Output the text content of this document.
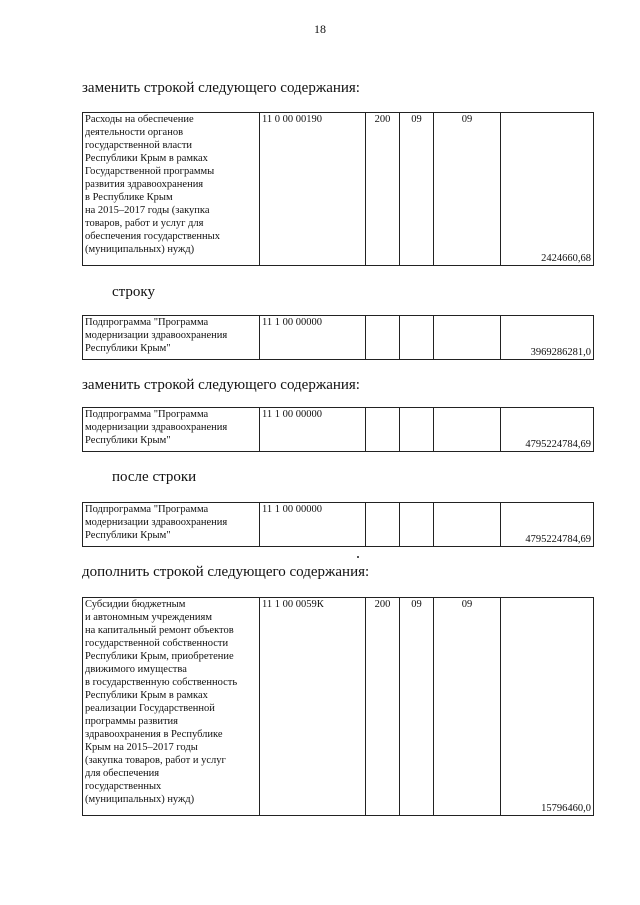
18
заменить строкой следующего содержания:
Расходы на обеспечение
деятельности органов
государственной власти
Республики Крым в рамках
Государственной программы
развития здравоохранения
в Республике Крым
на 2015–2017 годы (закупка
товаров, работ и услуг для
обеспечения государственных
(муниципальных) нужд)
	11 0 00 00190	200	09	09	2424660,68
строку
Подпрограмма "Программа
модернизации здравоохранения
Республики Крым"
	11 1 00 00000				3969286281,0
заменить строкой следующего содержания:
Подпрограмма "Программа
модернизации здравоохранения
Республики Крым"
	11 1 00 00000				4795224784,69
после строки
Подпрограмма "Программа
модернизации здравоохранения
Республики Крым"
	11 1 00 00000				4795224784,69
дополнить строкой следующего содержания:
Субсидии бюджетным
и автономным учреждениям
на капитальный ремонт объектов
государственной собственности
Республики Крым, приобретение
движимого имущества
в государственную собственность
Республики Крым в рамках
реализации Государственной
программы развития
здравоохранения в Республике
Крым на 2015–2017 годы
(закупка товаров, работ и услуг
для обеспечения
государственных
(муниципальных) нужд)
	11 1 00 0059К	200	09	09	15796460,0
